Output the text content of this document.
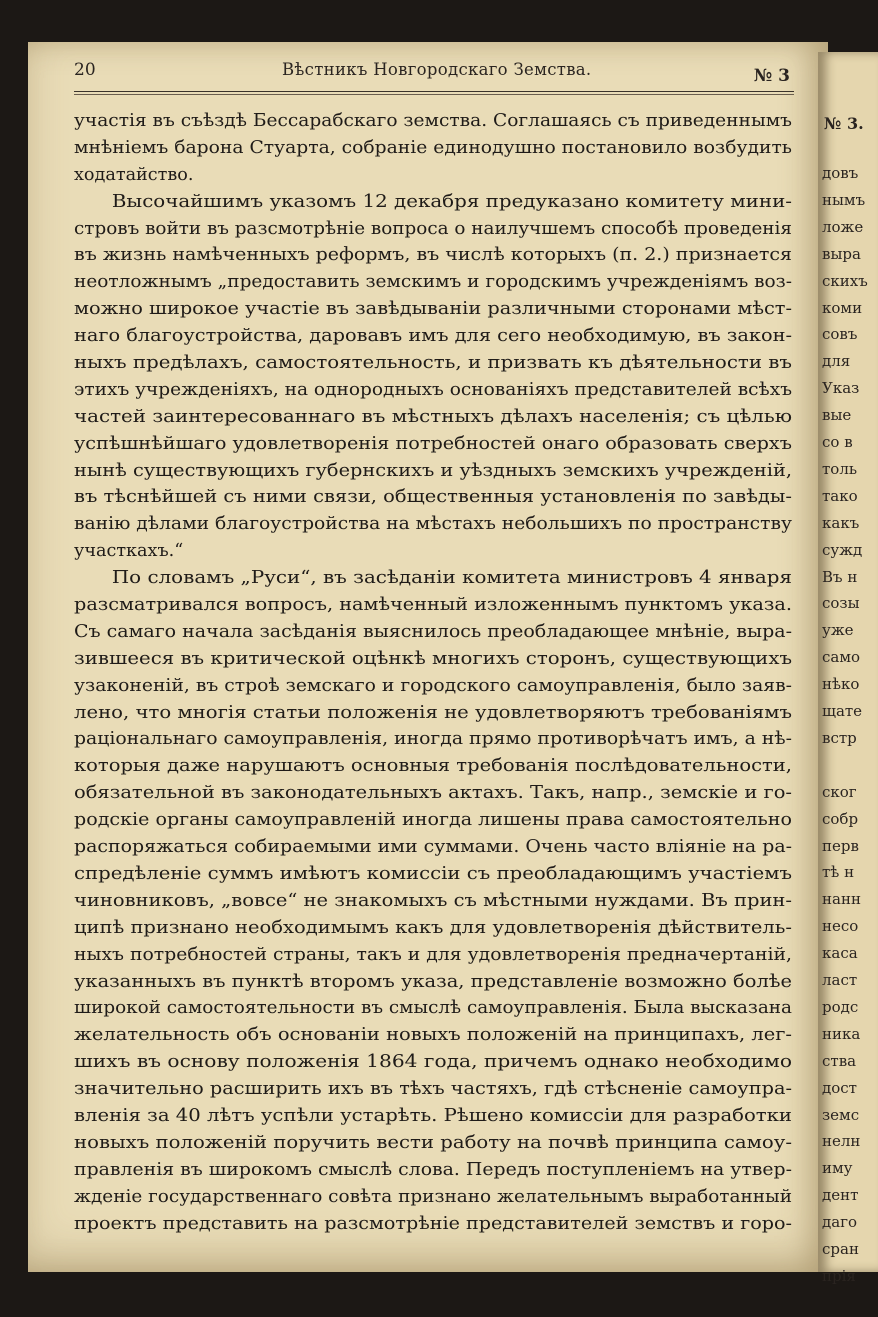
№ 3.
довъ
нымъ
ложе
выра
скихъ
коми
совъ
для
Указ
вые
со в
толь
тако
какъ
сужд
Въ н
созы
уже
само
нѣко
щате
встр
ског
собр
перв
тѣ н
нанн
несо
каса
ласт
родс
ника
ства
дост
земс
нелн
иму
дент
даго
сран
прія
20	Вѣстникъ Новгородскаго Земства.	№ 3
участія въ съѣздѣ Бессарабскаго земства. Соглашаясь съ приведеннымъ
мнѣніемъ барона Стуарта, собраніе единодушно постановило возбудить
ходатайство.
Высочайшимъ указомъ 12 декабря предуказано комитету мини-
стровъ войти въ разсмотрѣніе вопроса о наилучшемъ способѣ проведенія
въ жизнь намѣченныхъ реформъ, въ числѣ которыхъ (п. 2.) признается
неотложнымъ „предоставить земскимъ и городскимъ учрежденіямъ воз-
можно широкое участіе въ завѣдываніи различными сторонами мѣст-
наго благоустройства, даровавъ имъ для сего необходимую, въ закон-
ныхъ предѣлахъ, самостоятельность, и призвать къ дѣятельности въ
этихъ учрежденіяхъ, на однородныхъ основаніяхъ представителей всѣхъ
частей заинтересованнаго въ мѣстныхъ дѣлахъ населенія; съ цѣлью
успѣшнѣйшаго удовлетворенія потребностей онаго образовать сверхъ
нынѣ существующихъ губернскихъ и уѣздныхъ земскихъ учрежденій,
въ тѣснѣйшей съ ними связи, общественныя установленія по завѣды-
ванію дѣлами благоустройства на мѣстахъ небольшихъ по пространству
участкахъ.“
По словамъ „Руси“, въ засѣданіи комитета министровъ 4 января
разсматривался вопросъ, намѣченный изложеннымъ пунктомъ указа.
Съ самаго начала засѣданія выяснилось преобладающее мнѣніе, выра-
зившееся въ критической оцѣнкѣ многихъ сторонъ, существующихъ
узаконеній, въ строѣ земскаго и городского самоуправленія, было заяв-
лено, что многія статьи положенія не удовлетворяютъ требованіямъ
раціональнаго самоуправленія, иногда прямо противорѣчатъ имъ, а нѣ-
которыя даже нарушаютъ основныя требованія послѣдовательности,
обязательной въ законодательныхъ актахъ. Такъ, напр., земскіе и го-
родскіе органы самоуправленій иногда лишены права самостоятельно
распоряжаться собираемыми ими суммами. Очень часто вліяніе на ра-
спредѣленіе суммъ имѣютъ комиссіи съ преобладающимъ участіемъ
чиновниковъ, „вовсе“ не знакомыхъ съ мѣстными нуждами. Въ прин-
ципѣ признано необходимымъ какъ для удовлетворенія дѣйствитель-
ныхъ потребностей страны, такъ и для удовлетворенія предначертаній,
указанныхъ въ пунктѣ второмъ указа, представленіе возможно болѣе
широкой самостоятельности въ смыслѣ самоуправленія. Была высказана
желательность объ основаніи новыхъ положеній на принципахъ, лег-
шихъ въ основу положенія 1864 года, причемъ однако необходимо
значительно расширить ихъ въ тѣхъ частяхъ, гдѣ стѣсненіе самоупра-
вленія за 40 лѣтъ успѣли устарѣть. Рѣшено комиссіи для разработки
новыхъ положеній поручить вести работу на почвѣ принципа самоу-
правленія въ широкомъ смыслѣ слова. Передъ поступленіемъ на утвер-
жденіе государственнаго совѣта признано желательнымъ выработанный
проектъ представить на разсмотрѣніе представителей земствъ и горо-
